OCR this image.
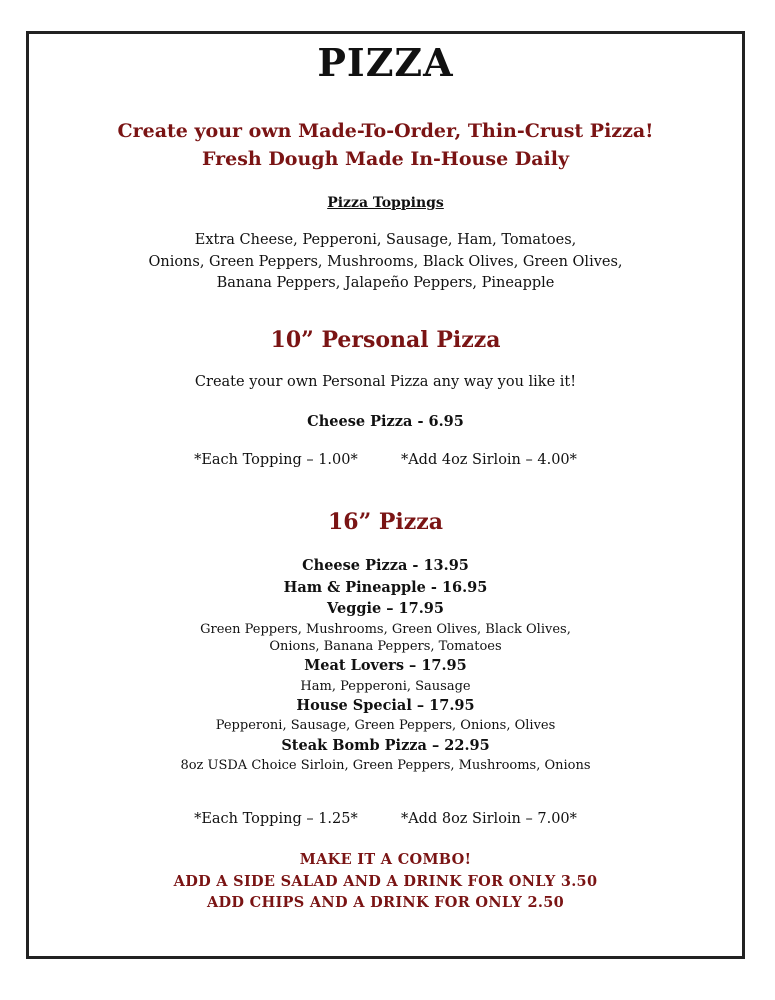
PIZZA
Create your own Made-To-Order, Thin-Crust Pizza!
Fresh Dough Made In-House Daily
Pizza Toppings
Extra Cheese, Pepperoni, Sausage, Ham, Tomatoes,
Onions, Green Peppers, Mushrooms, Black Olives, Green Olives,
Banana Peppers, Jalapeño Peppers, Pineapple
10” Personal Pizza
Create your own Personal Pizza any way you like it!
Cheese Pizza - 6.95
*Each Topping – 1.00*	*Add 4oz Sirloin – 4.00*
16” Pizza
Cheese Pizza - 13.95
Ham & Pineapple - 16.95
Veggie – 17.95
Green Peppers, Mushrooms, Green Olives, Black Olives,
Onions, Banana Peppers, Tomatoes
Meat Lovers – 17.95
Ham, Pepperoni, Sausage
House Special – 17.95
Pepperoni, Sausage, Green Peppers, Onions, Olives
Steak Bomb Pizza – 22.95
8oz USDA Choice Sirloin, Green Peppers, Mushrooms, Onions
*Each Topping – 1.25*	*Add 8oz Sirloin – 7.00*
MAKE IT A COMBO!
ADD A SIDE SALAD AND A DRINK FOR ONLY 3.50
ADD CHIPS AND A DRINK FOR ONLY 2.50
